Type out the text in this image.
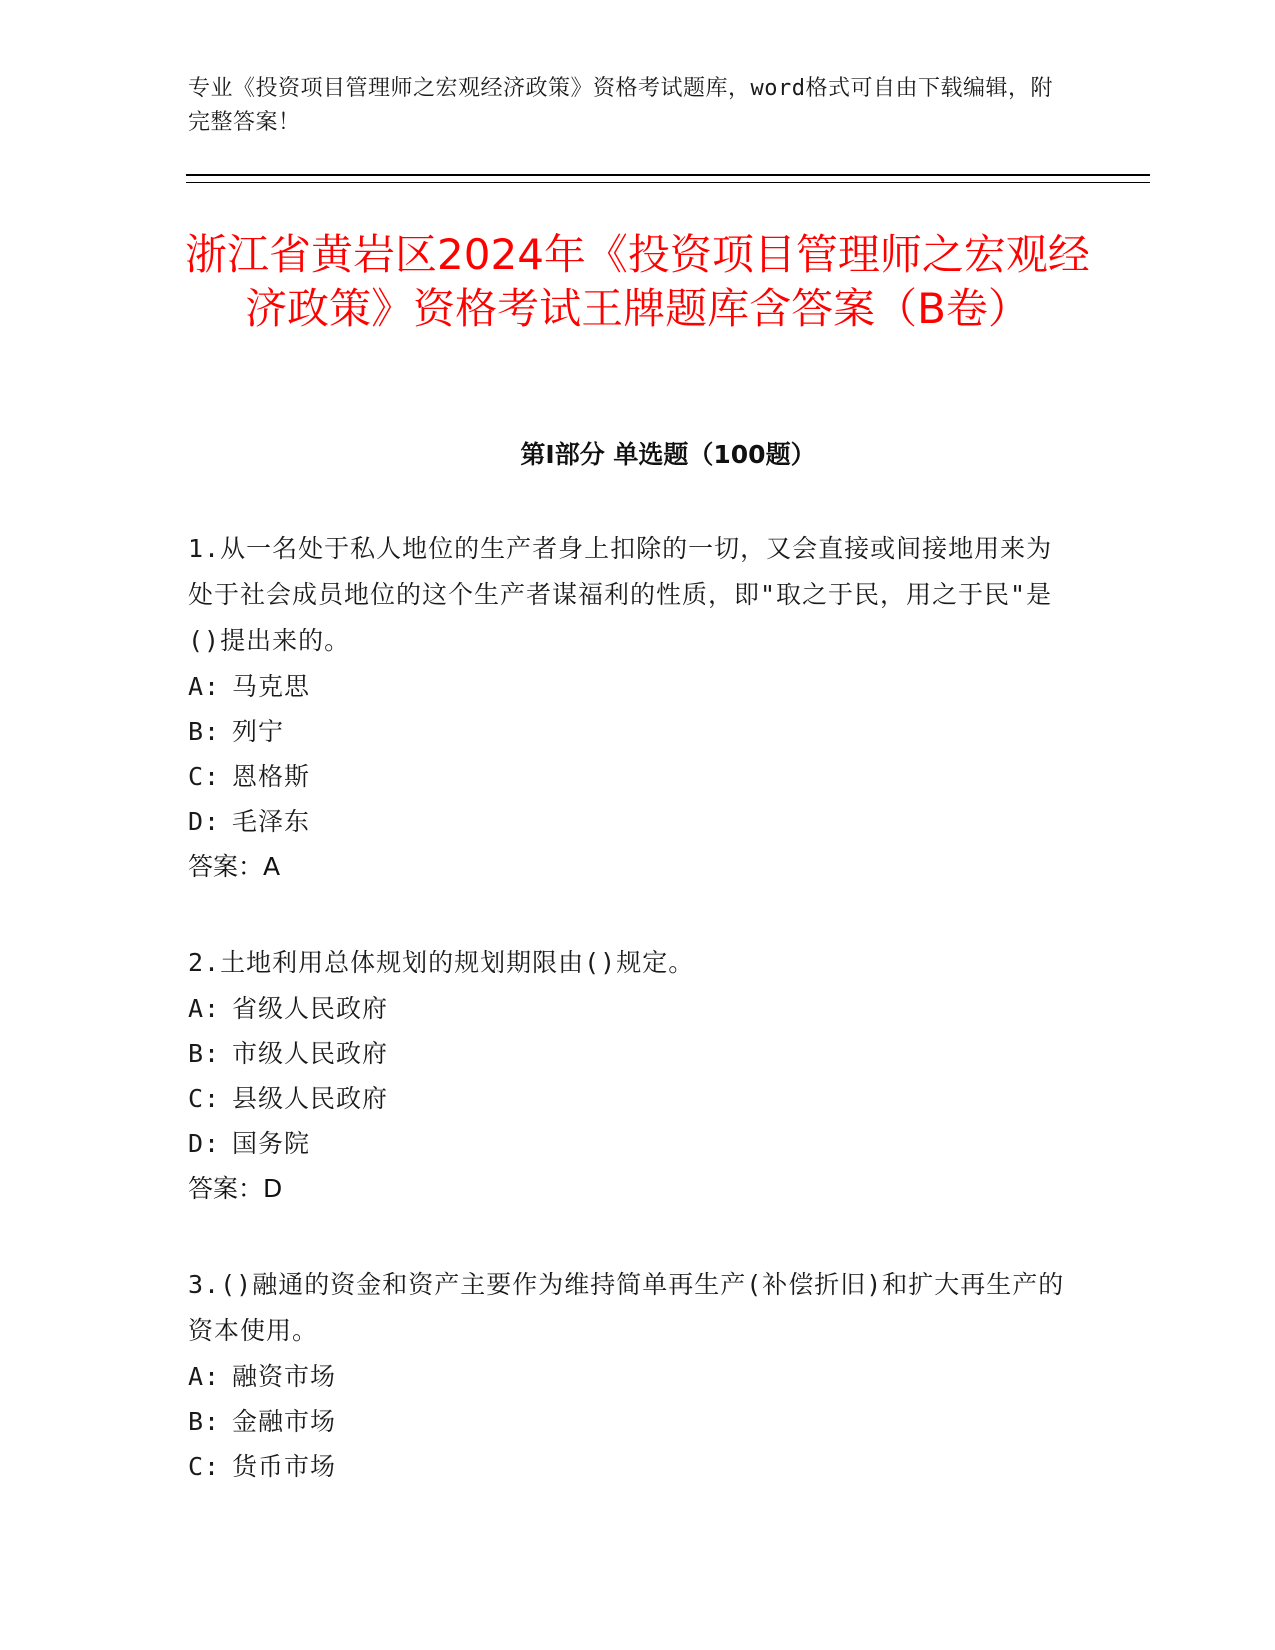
专业《投资项目管理师之宏观经济政策》资格考试题库，word格式可自由下载编辑，附完整答案！

浙江省黄岩区2024年《投资项目管理师之宏观经济政策》资格考试王牌题库含答案（B卷）
第I部分 单选题（100题）

1.从一名处于私人地位的生产者身上扣除的一切，又会直接或间接地用来为处于社会成员地位的这个生产者谋福利的性质，即"取之于民，用之于民"是()提出来的。

A: 马克思
B: 列宁
C: 恩格斯
D: 毛泽东

答案：A

2.土地利用总体规划的规划期限由()规定。

A: 省级人民政府
B: 市级人民政府
C: 县级人民政府
D: 国务院

答案：D

3.()融通的资金和资产主要作为维持简单再生产(补偿折旧)和扩大再生产的资本使用。

A: 融资市场
B: 金融市场
C: 货币市场
